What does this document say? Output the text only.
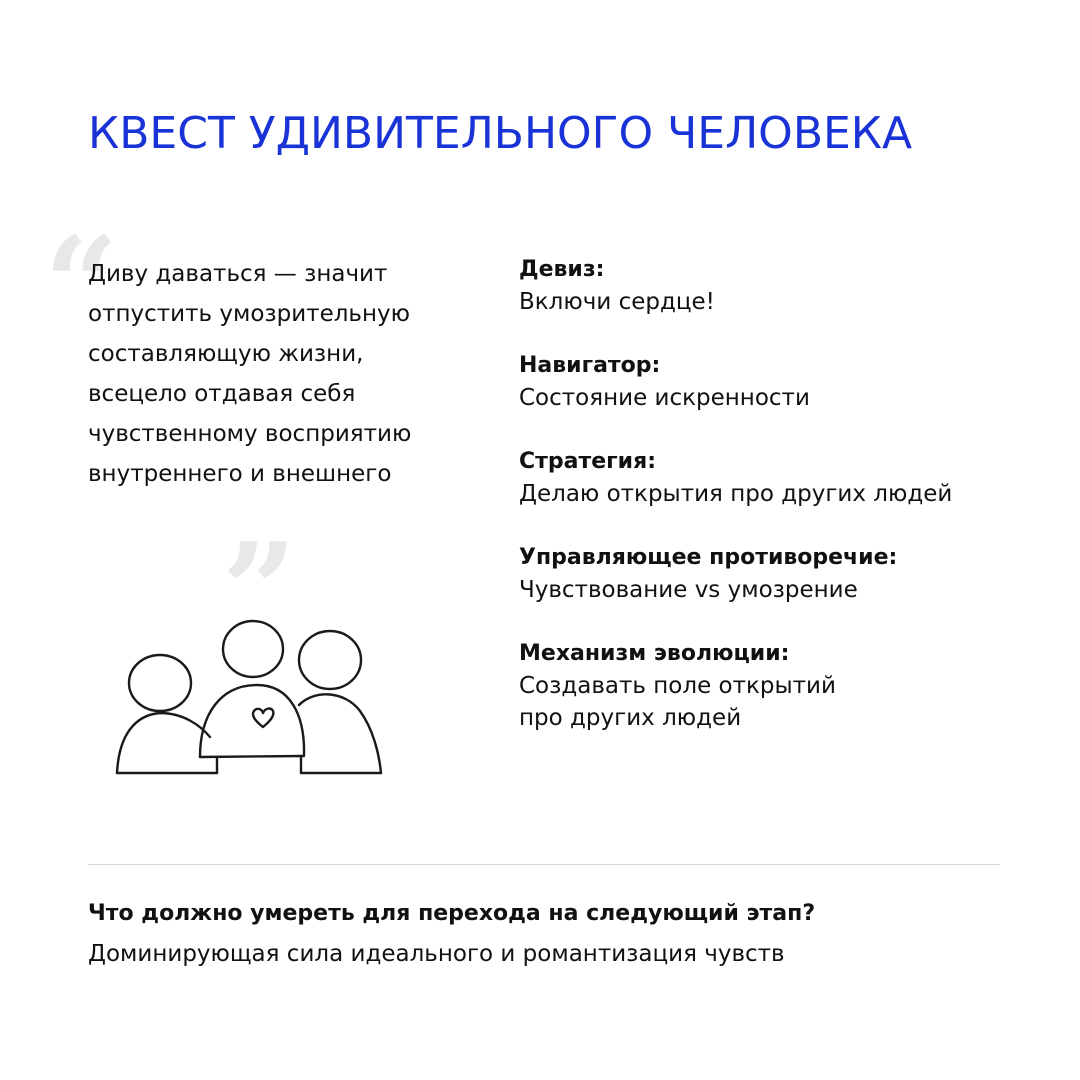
КВЕСТ УДИВИТЕЛЬНОГО ЧЕЛОВЕКА
“
”
Диву даваться — значит отпустить умозрительную составляющую жизни, всецело отдавая себя чувственному восприятию внутреннего и внешнего
Девиз:
Включи сердце!
Навигатор:
Состояние искренности
Стратегия:
Делаю открытия про других людей
Управляющее противоречие:
Чувствование vs умозрение
Механизм эволюции:
Создавать поле открытий
про других людей
Что должно умереть для перехода на следующий этап?
Доминирующая сила идеального и романтизация чувств
